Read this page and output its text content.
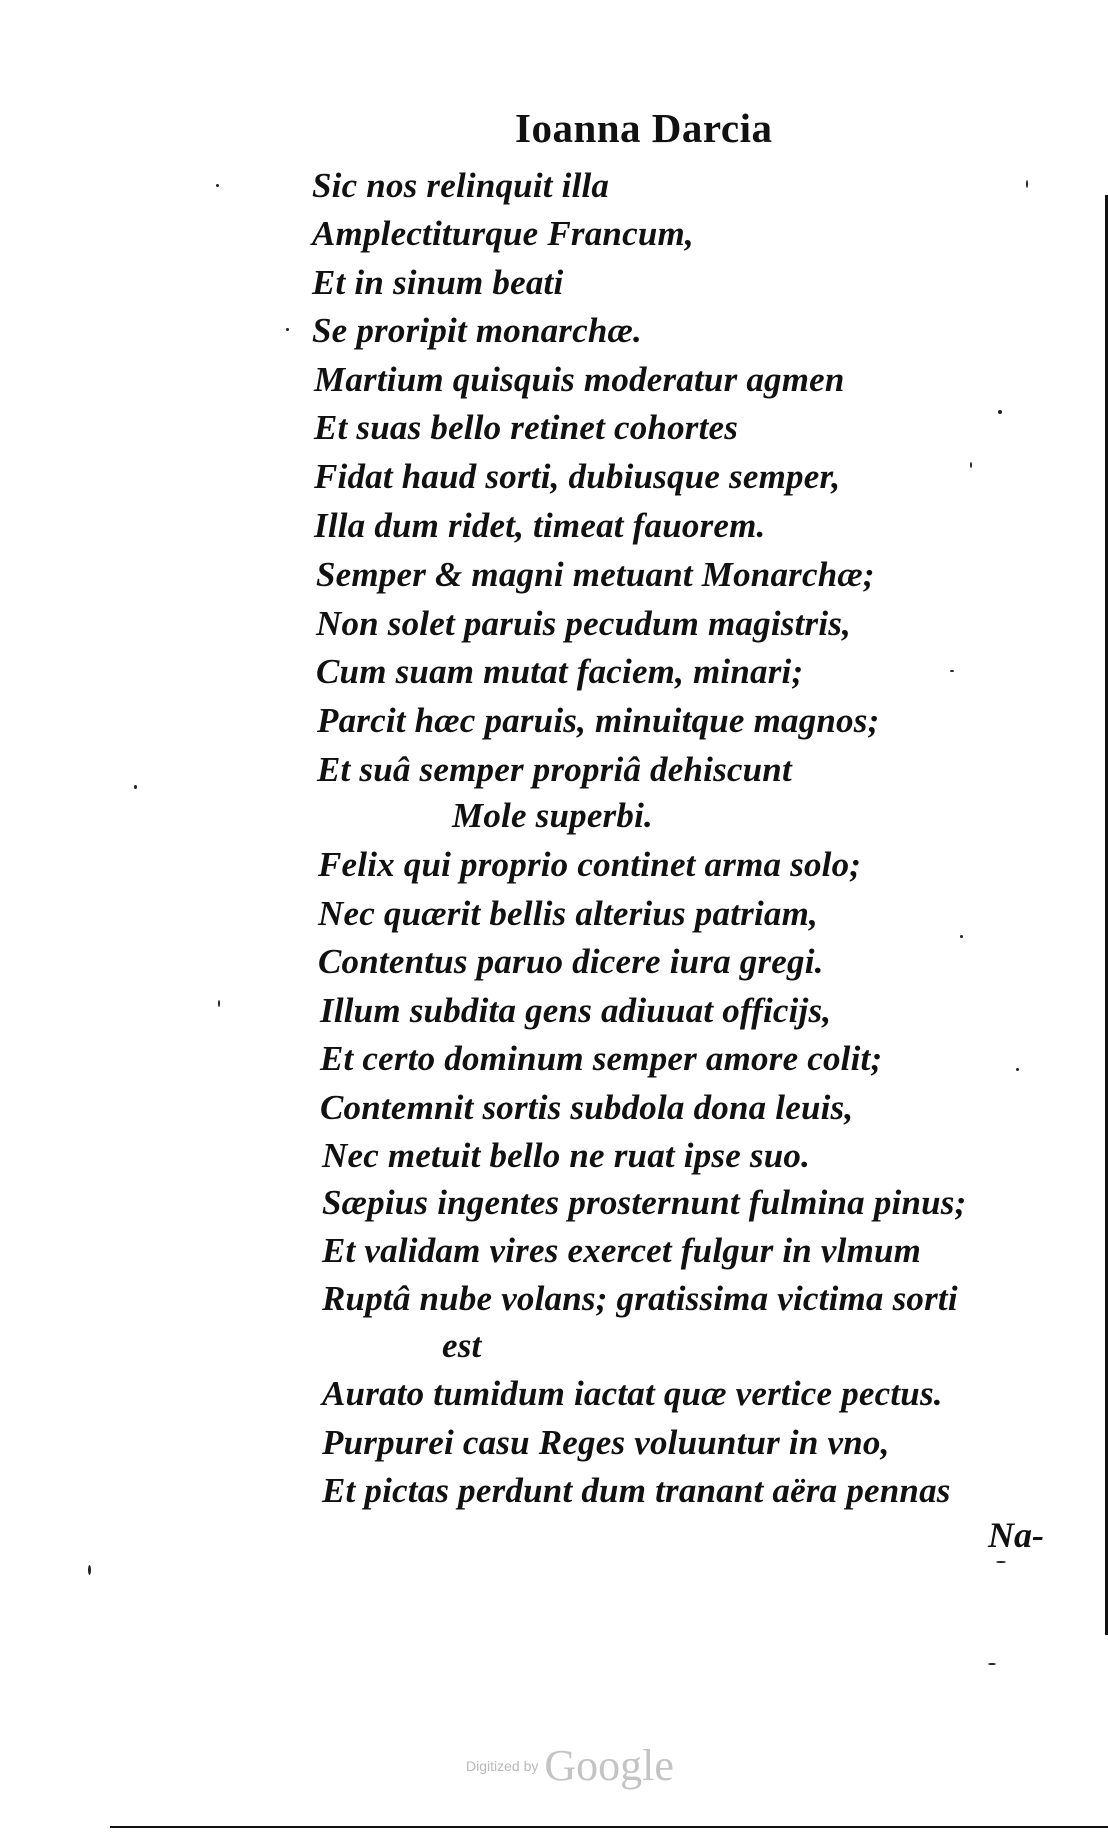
Ioanna Darcia
Sic nos relinquit illa
Amplectiturque Francum,
Et in sinum beati
Se proripit monarchæ.
Martium quisquis moderatur agmen
Et suas bello retinet cohortes
Fidat haud sorti, dubiusque semper,
Illa dum ridet, timeat fauorem.
Semper & magni metuant Monarchæ;
Non solet paruis pecudum magistris,
Cum suam mutat faciem, minari;
Parcit hæc paruis, minuitque magnos;
Et suâ semper propriâ dehiscunt
Mole superbi.
Felix qui proprio continet arma solo;
Nec quærit bellis alterius patriam,
Contentus paruo dicere iura gregi.
Illum subdita gens adiuuat officijs,
Et certo dominum semper amore colit;
Contemnit sortis subdola dona leuis,
Nec metuit bello ne ruat ipse suo.
Sæpius ingentes prosternunt fulmina pinus;
Et validam vires exercet fulgur in vlmum
Ruptâ nube volans; gratissima victima sorti
est
Aurato tumidum iactat quæ vertice pectus.
Purpurei casu Reges voluuntur in vno,
Et pictas perdunt dum tranant aëra pennas
Na-
Digitized by Google
